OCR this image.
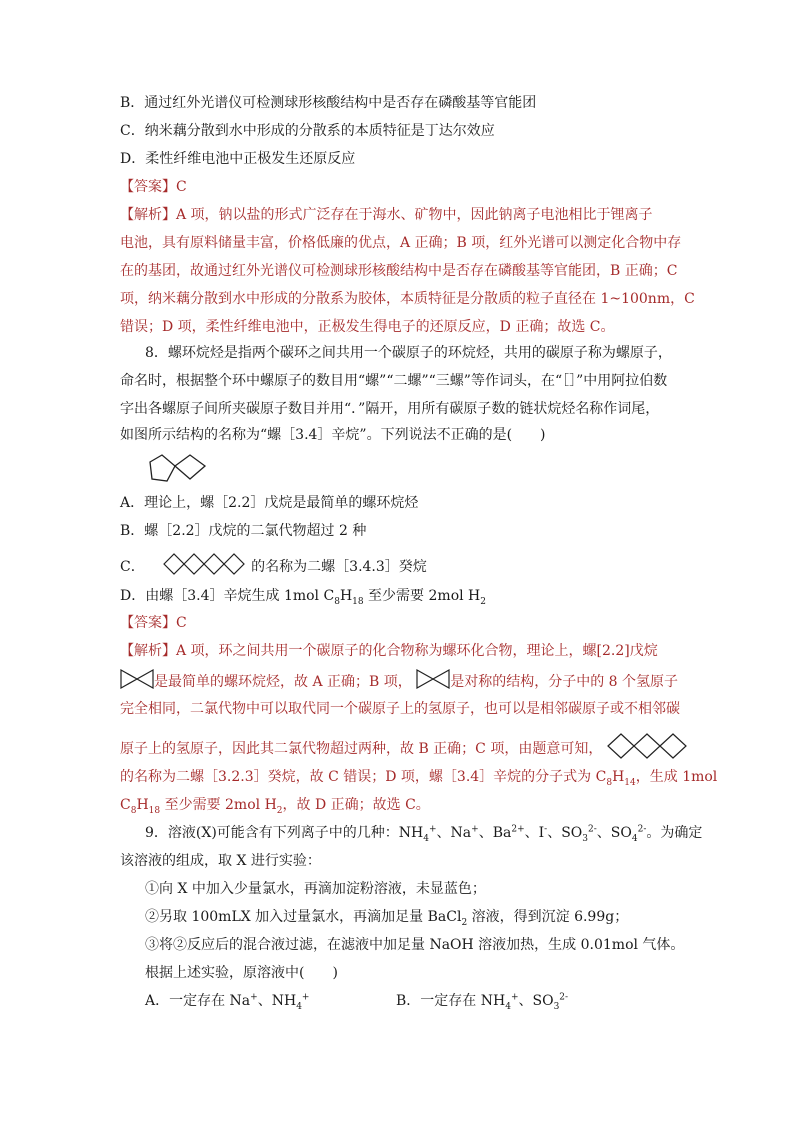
B．通过红外光谱仪可检测球形核酸结构中是否存在磷酸基等官能团
C．纳米藕分散到水中形成的分散系的本质特征是丁达尔效应
D．柔性纤维电池中正极发生还原反应
【答案】C
【解析】A 项，钠以盐的形式广泛存在于海水、矿物中，因此钠离子电池相比于锂离子
电池，具有原料储量丰富，价格低廉的优点，A 正确；B 项，红外光谱可以测定化合物中存
在的基团，故通过红外光谱仪可检测球形核酸结构中是否存在磷酸基等官能团，B 正确；C
项，纳米藕分散到水中形成的分散系为胶体，本质特征是分散质的粒子直径在 1~100nm，C
错误；D 项，柔性纤维电池中，正极发生得电子的还原反应，D 正确；故选 C。
8．螺环烷烃是指两个碳环之间共用一个碳原子的环烷烃，共用的碳原子称为螺原子，
命名时，根据整个环中螺原子的数目用“螺”“二螺”“三螺”等作词头，在“［］”中用阿拉伯数
字出各螺原子间所夹碳原子数目并用“．”隔开，用所有碳原子数的链状烷烃名称作词尾，
如图所示结构的名称为“螺［3.4］辛烷”。下列说法不正确的是(　　)
A．理论上，螺［2.2］戊烷是最简单的螺环烷烃
B．螺［2.2］戊烷的二氯代物超过 2 种
C．	的名称为二螺［3.4.3］癸烷
D．由螺［3.4］辛烷生成 1mol $C_8H_{18}$ 至少需要 2mol $H_2$
【答案】C
【解析】A 项，环之间共用一个碳原子的化合物称为螺环化合物，理论上，螺[2.2]戊烷
是最简单的螺环烷烃，故 A 正确；B 项，	是对称的结构，分子中的 8 个氢原子
完全相同，二氯代物中可以取代同一个碳原子上的氢原子，也可以是相邻碳原子或不相邻碳
原子上的氢原子，因此其二氯代物超过两种，故 B 正确；C 项，由题意可知，
的名称为二螺［3.2.3］癸烷，故 C 错误；D 项，螺［3.4］辛烷的分子式为 $C_8H_{14}$，生成 1mol
$C_8H_{18}$ 至少需要 2mol $H_2$，故 D 正确；故选 C。
9．溶液(X)可能含有下列离子中的几种：$NH_4^+$、Na+、$Ba^{2+}$、I-、$SO_3^{2-}$、$SO_4^{2-}$。为确定
该溶液的组成，取 X 进行实验：
①向 X 中加入少量氯水，再滴加淀粉溶液，未显蓝色；
②另取 100mLX 加入过量氯水，再滴加足量 BaCl$_2$ 溶液，得到沉淀 6.99g；
③将②反应后的混合液过滤，在滤液中加足量 NaOH 溶液加热，生成 0.01mol 气体。
根据上述实验，原溶液中(　　)
A．一定存在 Na+、$NH_4^+$	B．一定存在 $NH_4^+$、$SO_3^{2-}$
